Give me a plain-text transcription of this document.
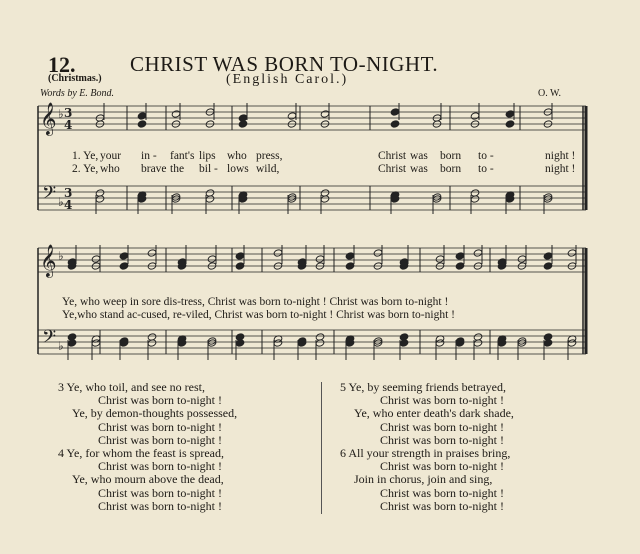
12.	CHRIST WAS BORN TO-NIGHT.
(English Carol.)
(Christmas.)
Words by E. Bond.	O. W.
𝄞
𝄞
𝄢
𝄢
3
4
3
4
♭
♭
♭
♭
1. Ye, your in - fant's lips who press,	Christ was born to -	night !
2. Ye, who brave the bil - lows wild,	Christ was born to -	night !
Ye, who weep in sore dis-tress, Christ was born to-night ! Christ was born to-night !
Ye,who stand ac-cused, re-viled, Christ was born to-night ! Christ was born to-night !
3 Ye, who toil, and see no rest,
Christ was born to-night !
Ye, by demon-thoughts possessed,
Christ was born to-night !
Christ was born to-night !
4 Ye, for whom the feast is spread,
Christ was born to-night !
Ye, who mourn above the dead,
Christ was born to-night !
Christ was born to-night !
5 Ye, by seeming friends betrayed,
Christ was born to-night !
Ye, who enter death's dark shade,
Christ was born to-night !
Christ was born to-night !
6 All your strength in praises bring,
Christ was born to-night !
Join in chorus, join and sing,
Christ was born to-night !
Christ was born to-night !
